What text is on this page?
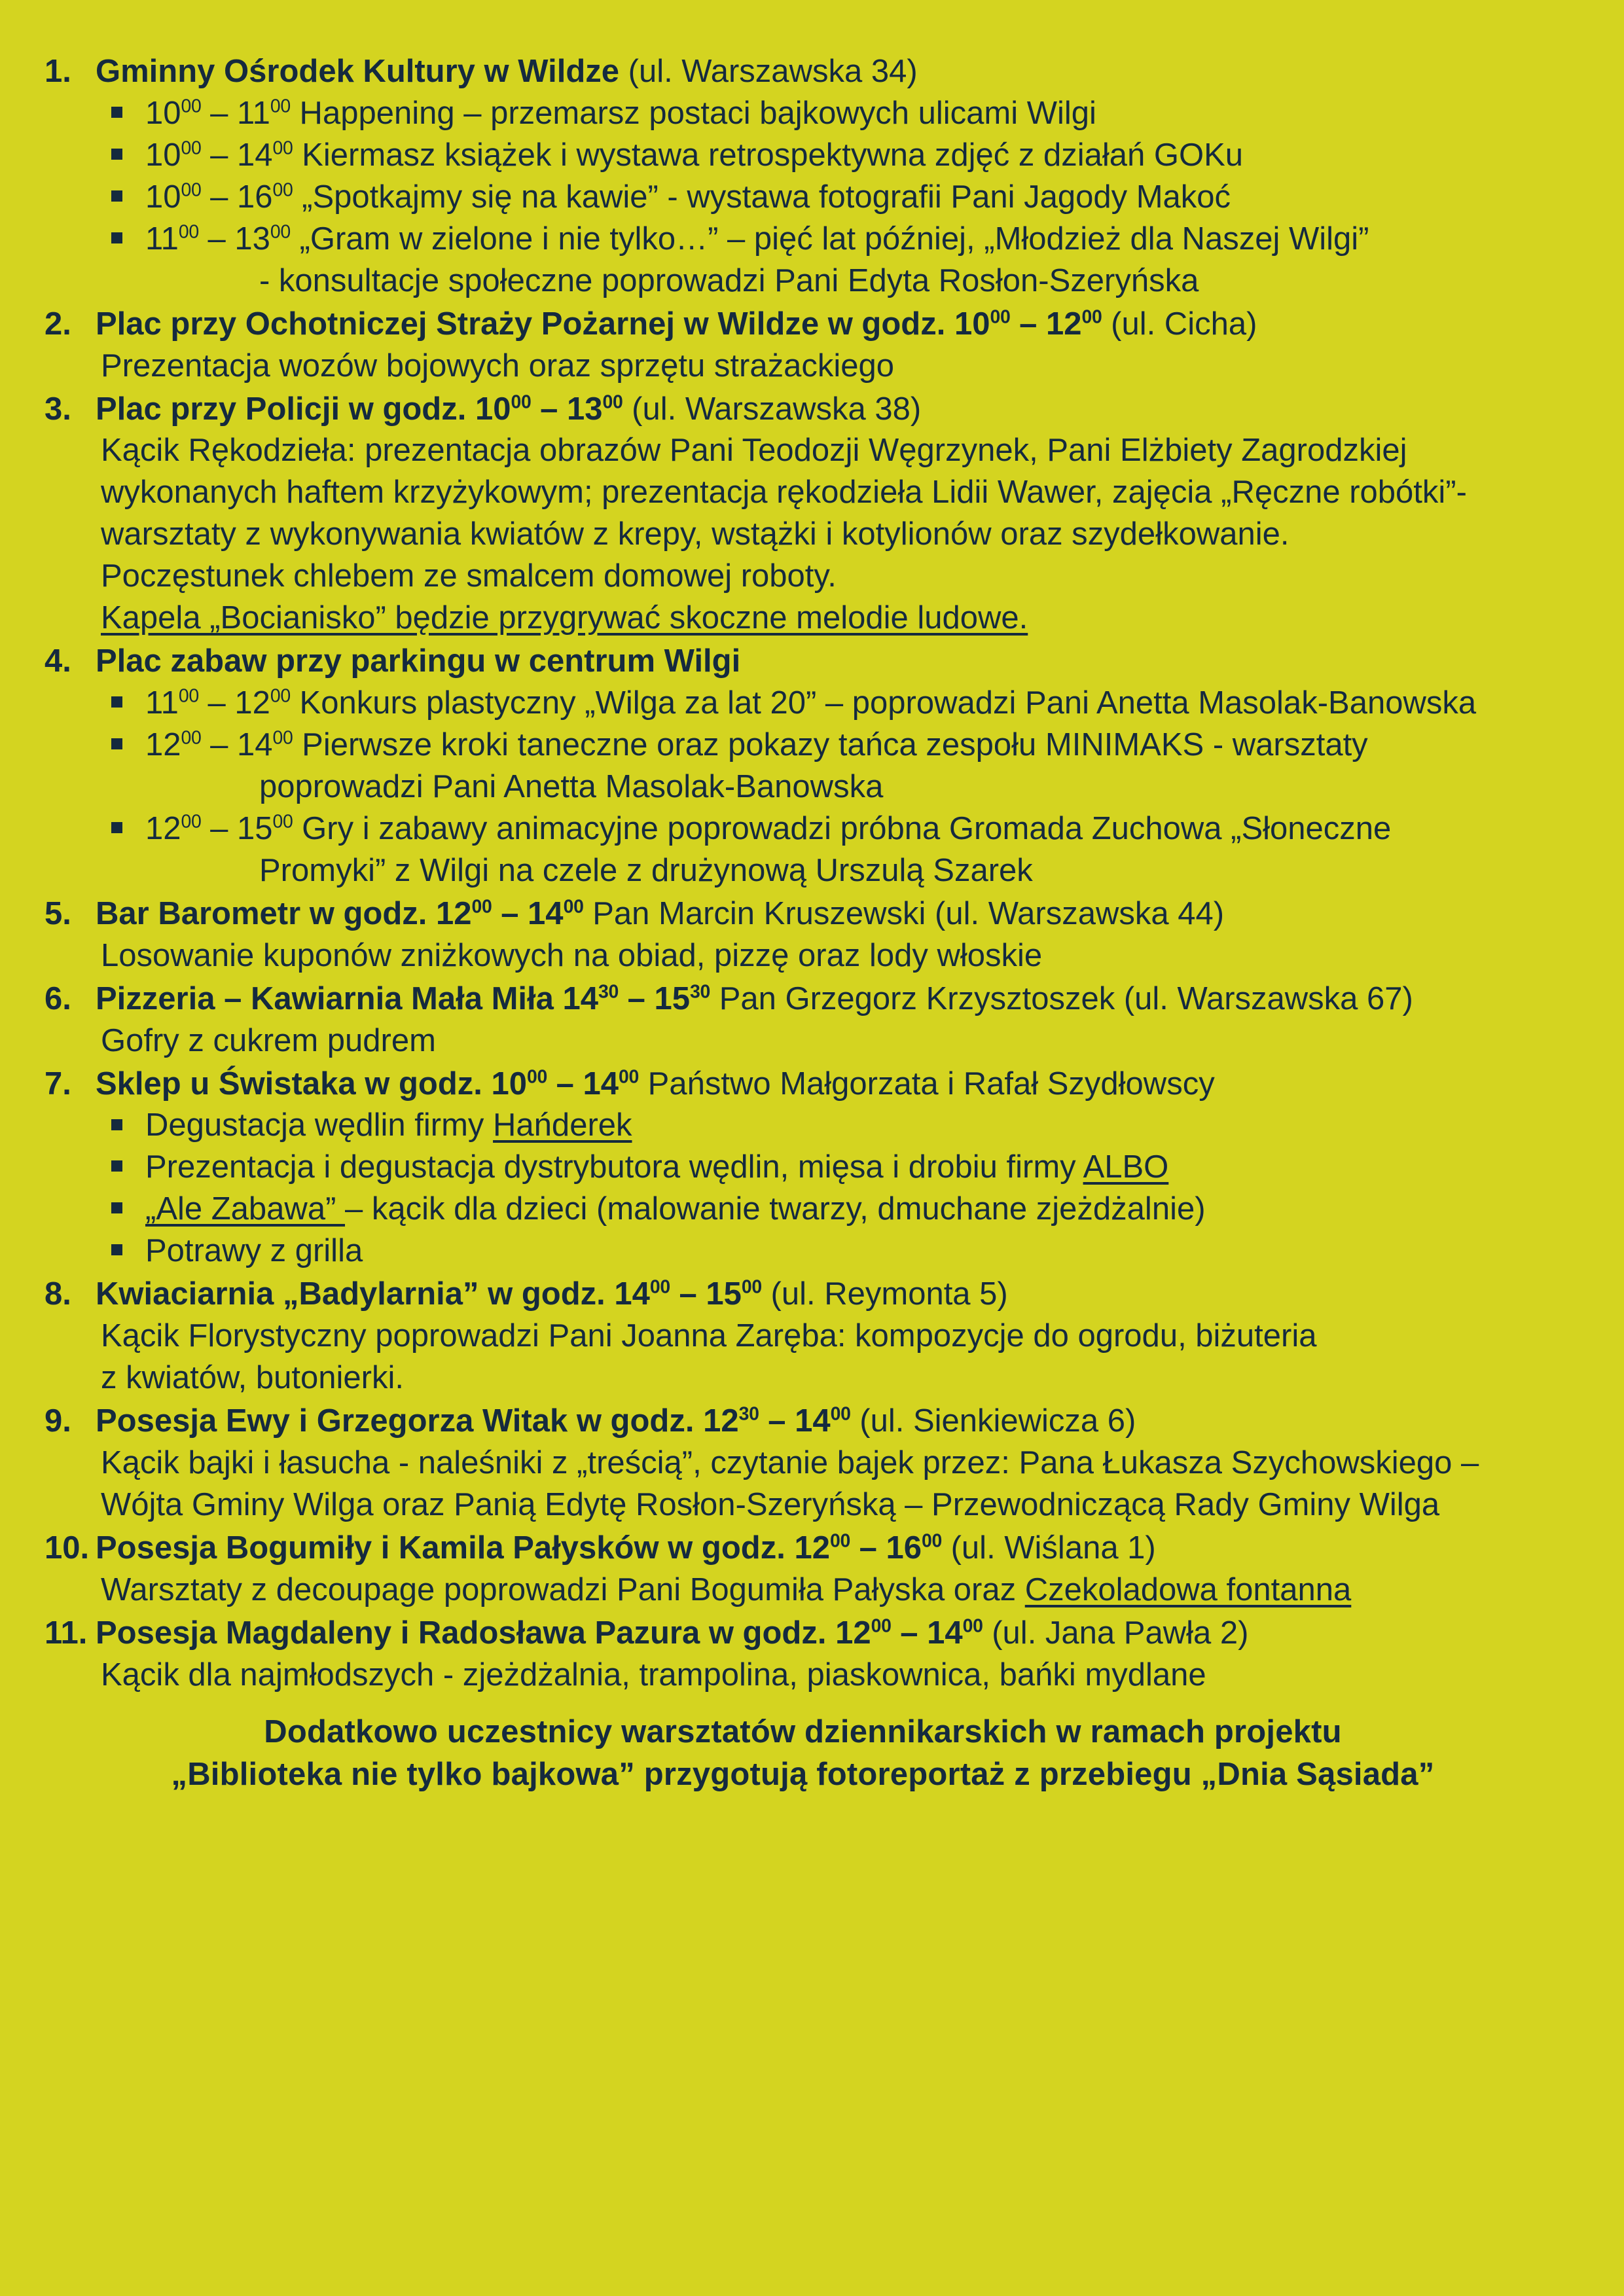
1. Gminny Ośrodek Kultury w Wildze (ul. Warszawska 34)
$10^{00} - 11^{00}$ Happening – przemarsz postaci bajkowych ulicami Wilgi
$10^{00} - 14^{00}$ Kiermasz książek i wystawa retrospektywna zdjęć z działań GOKu
$10^{00} - 16^{00}$ „Spotkajmy się na kawie” - wystawa fotografii Pani Jagody Makoć
$11^{00} - 13^{00}$ „Gram w zielone i nie tylko…” – pięć lat później, „Młodzież dla Naszej Wilgi”
- konsultacje społeczne poprowadzi Pani Edyta Rosłon-Szeryńska
2. Plac przy Ochotniczej Straży Pożarnej w Wildze w godz. $10^{00} - 12^{00}$ (ul. Cicha)
Prezentacja wozów bojowych oraz sprzętu strażackiego
3. Plac przy Policji w godz. $10^{00} - 13^{00}$ (ul. Warszawska 38)
Kącik Rękodzieła: prezentacja obrazów Pani Teodozji Węgrzynek, Pani Elżbiety Zagrodzkiej
wykonanych haftem krzyżykowym; prezentacja rękodzieła Lidii Wawer, zajęcia „Ręczne robótki”-
warsztaty z wykonywania kwiatów z krepy, wstążki i kotylionów oraz szydełkowanie.
Poczęstunek chlebem ze smalcem domowej roboty.
Kapela „Bocianisko” będzie przygrywać skoczne melodie ludowe.
4. Plac zabaw przy parkingu w centrum Wilgi
$11^{00} - 12^{00}$ Konkurs plastyczny „Wilga za lat 20” – poprowadzi Pani Anetta Masolak-Banowska
$12^{00} - 14^{00}$ Pierwsze kroki taneczne oraz pokazy tańca zespołu MINIMAKS - warsztaty
poprowadzi Pani Anetta Masolak-Banowska
$12^{00} - 15^{00}$ Gry i zabawy animacyjne poprowadzi próbna Gromada Zuchowa „Słoneczne
Promyki” z Wilgi na czele z drużynową Urszulą Szarek
5. Bar Barometr w godz. $12^{00} - 14^{00}$ Pan Marcin Kruszewski (ul. Warszawska 44)
Losowanie kuponów zniżkowych na obiad, pizzę oraz lody włoskie
6. Pizzeria – Kawiarnia Mała Miła $14^{30} - 15^{30}$ Pan Grzegorz Krzysztoszek (ul. Warszawska 67)
Gofry z cukrem pudrem
7. Sklep u Świstaka w godz. $10^{00} - 14^{00}$ Państwo Małgorzata i Rafał Szydłowscy
Degustacja wędlin firmy Hańderek
Prezentacja i degustacja dystrybutora wędlin, mięsa i drobiu firmy ALBO
„Ale Zabawa” – kącik dla dzieci (malowanie twarzy, dmuchane zjeżdżalnie)
Potrawy z grilla
8. Kwiaciarnia „Badylarnia” w godz. $14^{00} - 15^{00}$ (ul. Reymonta 5)
Kącik Florystyczny poprowadzi Pani Joanna Zaręba: kompozycje do ogrodu, biżuteria
z kwiatów, butonierki.
9. Posesja Ewy i Grzegorza Witak w godz. $12^{30} - 14^{00}$ (ul. Sienkiewicza 6)
Kącik bajki i łasucha - naleśniki z „treścią”, czytanie bajek przez: Pana Łukasza Szychowskiego –
Wójta Gminy Wilga oraz Panią Edytę Rosłon-Szeryńską – Przewodniczącą Rady Gminy Wilga
10. Posesja Bogumiły i Kamila Pałysków w godz. $12^{00} - 16^{00}$ (ul. Wiślana 1)
Warsztaty z decoupage poprowadzi Pani Bogumiła Pałyska oraz Czekoladowa fontanna
11. Posesja Magdaleny i Radosława Pazura w godz. $12^{00} - 14^{00}$ (ul. Jana Pawła 2)
Kącik dla najmłodszych - zjeżdżalnia, trampolina, piaskownica, bańki mydlane
Dodatkowo uczestnicy warsztatów dziennikarskich w ramach projektu
„Biblioteka nie tylko bajkowa” przygotują fotoreportaż z przebiegu „Dnia Sąsiada”
